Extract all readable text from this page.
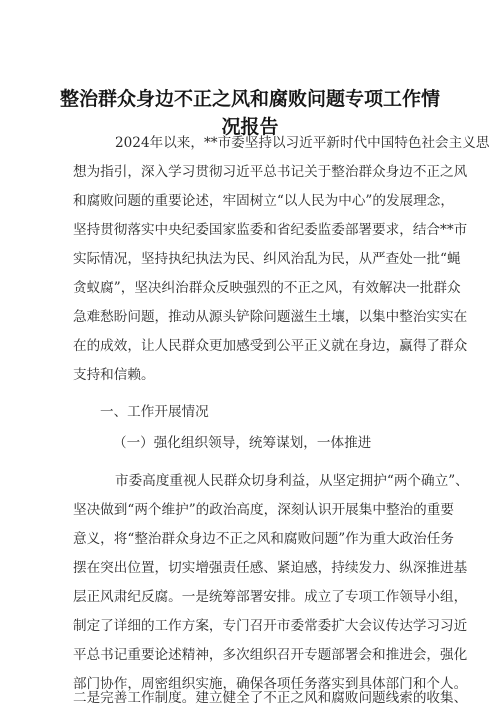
整治群众身边不正之风和腐败问题专项工作情
况报告
2024年以来，**市委坚持以习近平新时代中国特色社会主义思
想为指引，深入学习贯彻习近平总书记关于整治群众身边不正之风
和腐败问题的重要论述，牢固树立“以人民为中心”的发展理念，
坚持贯彻落实中央纪委国家监委和省纪委监委部署要求，结合**市
实际情况，坚持执纪执法为民、纠风治乱为民，从严查处一批“蝇
贪蚁腐”，坚决纠治群众反映强烈的不正之风，有效解决一批群众
急难愁盼问题，推动从源头铲除问题滋生土壤，以集中整治实实在
在的成效，让人民群众更加感受到公平正义就在身边，赢得了群众
支持和信赖。
一、工作开展情况
（一）强化组织领导，统筹谋划，一体推进
市委高度重视人民群众切身利益，从坚定拥护“两个确立”、
坚决做到“两个维护”的政治高度，深刻认识开展集中整治的重要
意义，将“整治群众身边不正之风和腐败问题”作为重大政治任务
摆在突出位置，切实增强责任感、紧迫感，持续发力、纵深推进基
层正风肃纪反腐。一是统筹部署安排。成立了专项工作领导小组，
制定了详细的工作方案，专门召开市委常委扩大会议传达学习习近
平总书记重要论述精神，多次组织召开专题部署会和推进会，强化
部门协作，周密组织实施，确保各项任务落实到具体部门和个人。
二是完善工作制度。建立健全了不正之风和腐败问题线索的收集、
